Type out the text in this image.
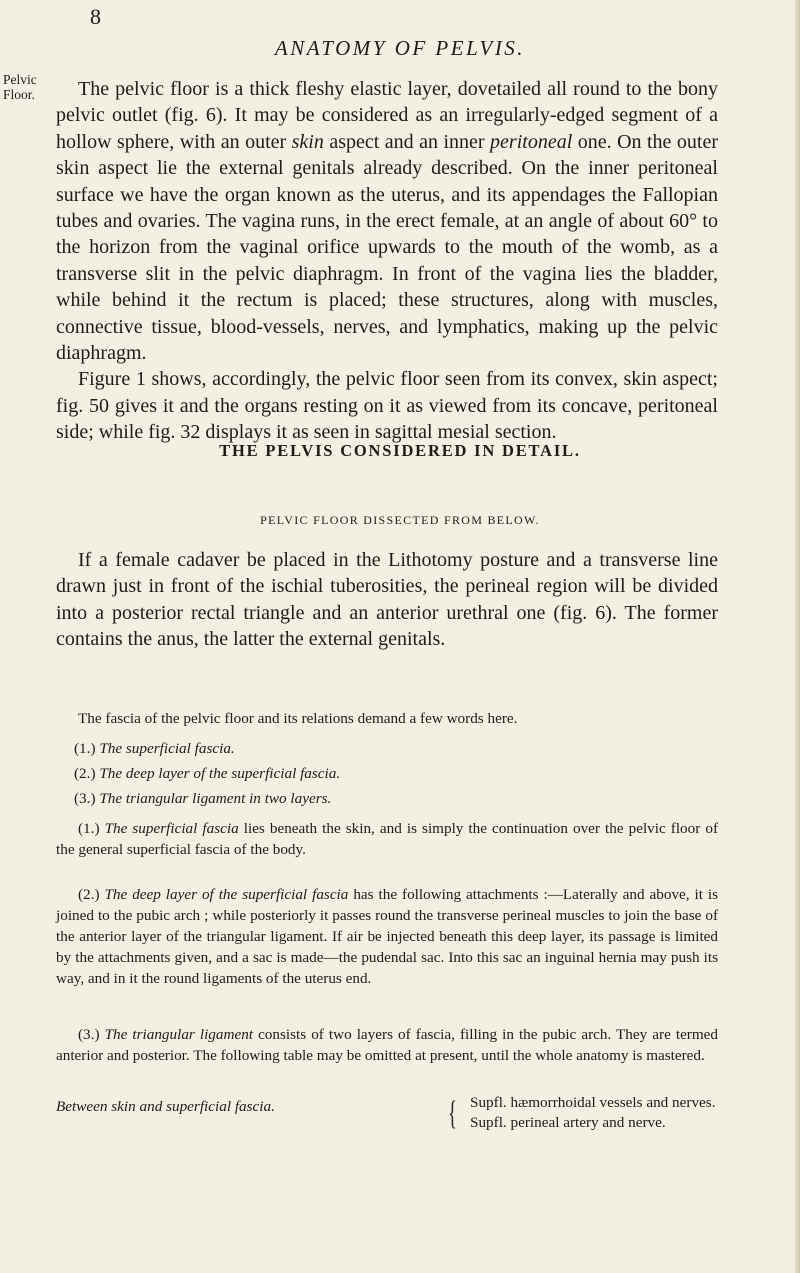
8
ANATOMY OF PELVIS.
Pelvic
Floor.	The pelvic floor is a thick fleshy elastic layer, dovetailed all round to the bony pelvic outlet (fig. 6). It may be considered as an irregularly-edged segment of a hollow sphere, with an outer skin aspect and an inner peritoneal one. On the outer skin aspect lie the external genitals already described. On the inner peritoneal surface we have the organ known as the uterus, and its appendages the Fallopian tubes and ovaries. The vagina runs, in the erect female, at an angle of about 60° to the horizon from the vaginal orifice upwards to the mouth of the womb, as a transverse slit in the pelvic diaphragm. In front of the vagina lies the bladder, while behind it the rectum is placed; these structures, along with muscles, connective tissue, blood-vessels, nerves, and lymphatics, making up the pelvic diaphragm.

Figure 1 shows, accordingly, the pelvic floor seen from its convex, skin aspect; fig. 50 gives it and the organs resting on it as viewed from its concave, peritoneal side; while fig. 32 displays it as seen in sagittal mesial section.

THE PELVIS CONSIDERED IN DETAIL.
PELVIC FLOOR DISSECTED FROM BELOW.

If a female cadaver be placed in the Lithotomy posture and a transverse line drawn just in front of the ischial tuberosities, the perineal region will be divided into a posterior rectal triangle and an anterior urethral one (fig. 6). The former contains the anus, the latter the external genitals.

The fascia of the pelvic floor and its relations demand a few words here.

(1.) The superficial fascia.
(2.) The deep layer of the superficial fascia.
(3.) The triangular ligament in two layers.

(1.) The superficial fascia lies beneath the skin, and is simply the continuation over the pelvic floor of the general superficial fascia of the body.

(2.) The deep layer of the superficial fascia has the following attachments :—Laterally and above, it is joined to the pubic arch ; while posteriorly it passes round the transverse perineal muscles to join the base of the anterior layer of the triangular ligament. If air be injected beneath this deep layer, its passage is limited by the attachments given, and a sac is made—the pudendal sac. Into this sac an inguinal hernia may push its way, and in it the round ligaments of the uterus end.

(3.) The triangular ligament consists of two layers of fascia, filling in the pubic arch. They are termed anterior and posterior. The following table may be omitted at present, until the whole anatomy is mastered.

Between skin and superficial fascia.	{ Supfl. hæmorrhoidal vessels and nerves.
Supfl. perineal artery and nerve.
